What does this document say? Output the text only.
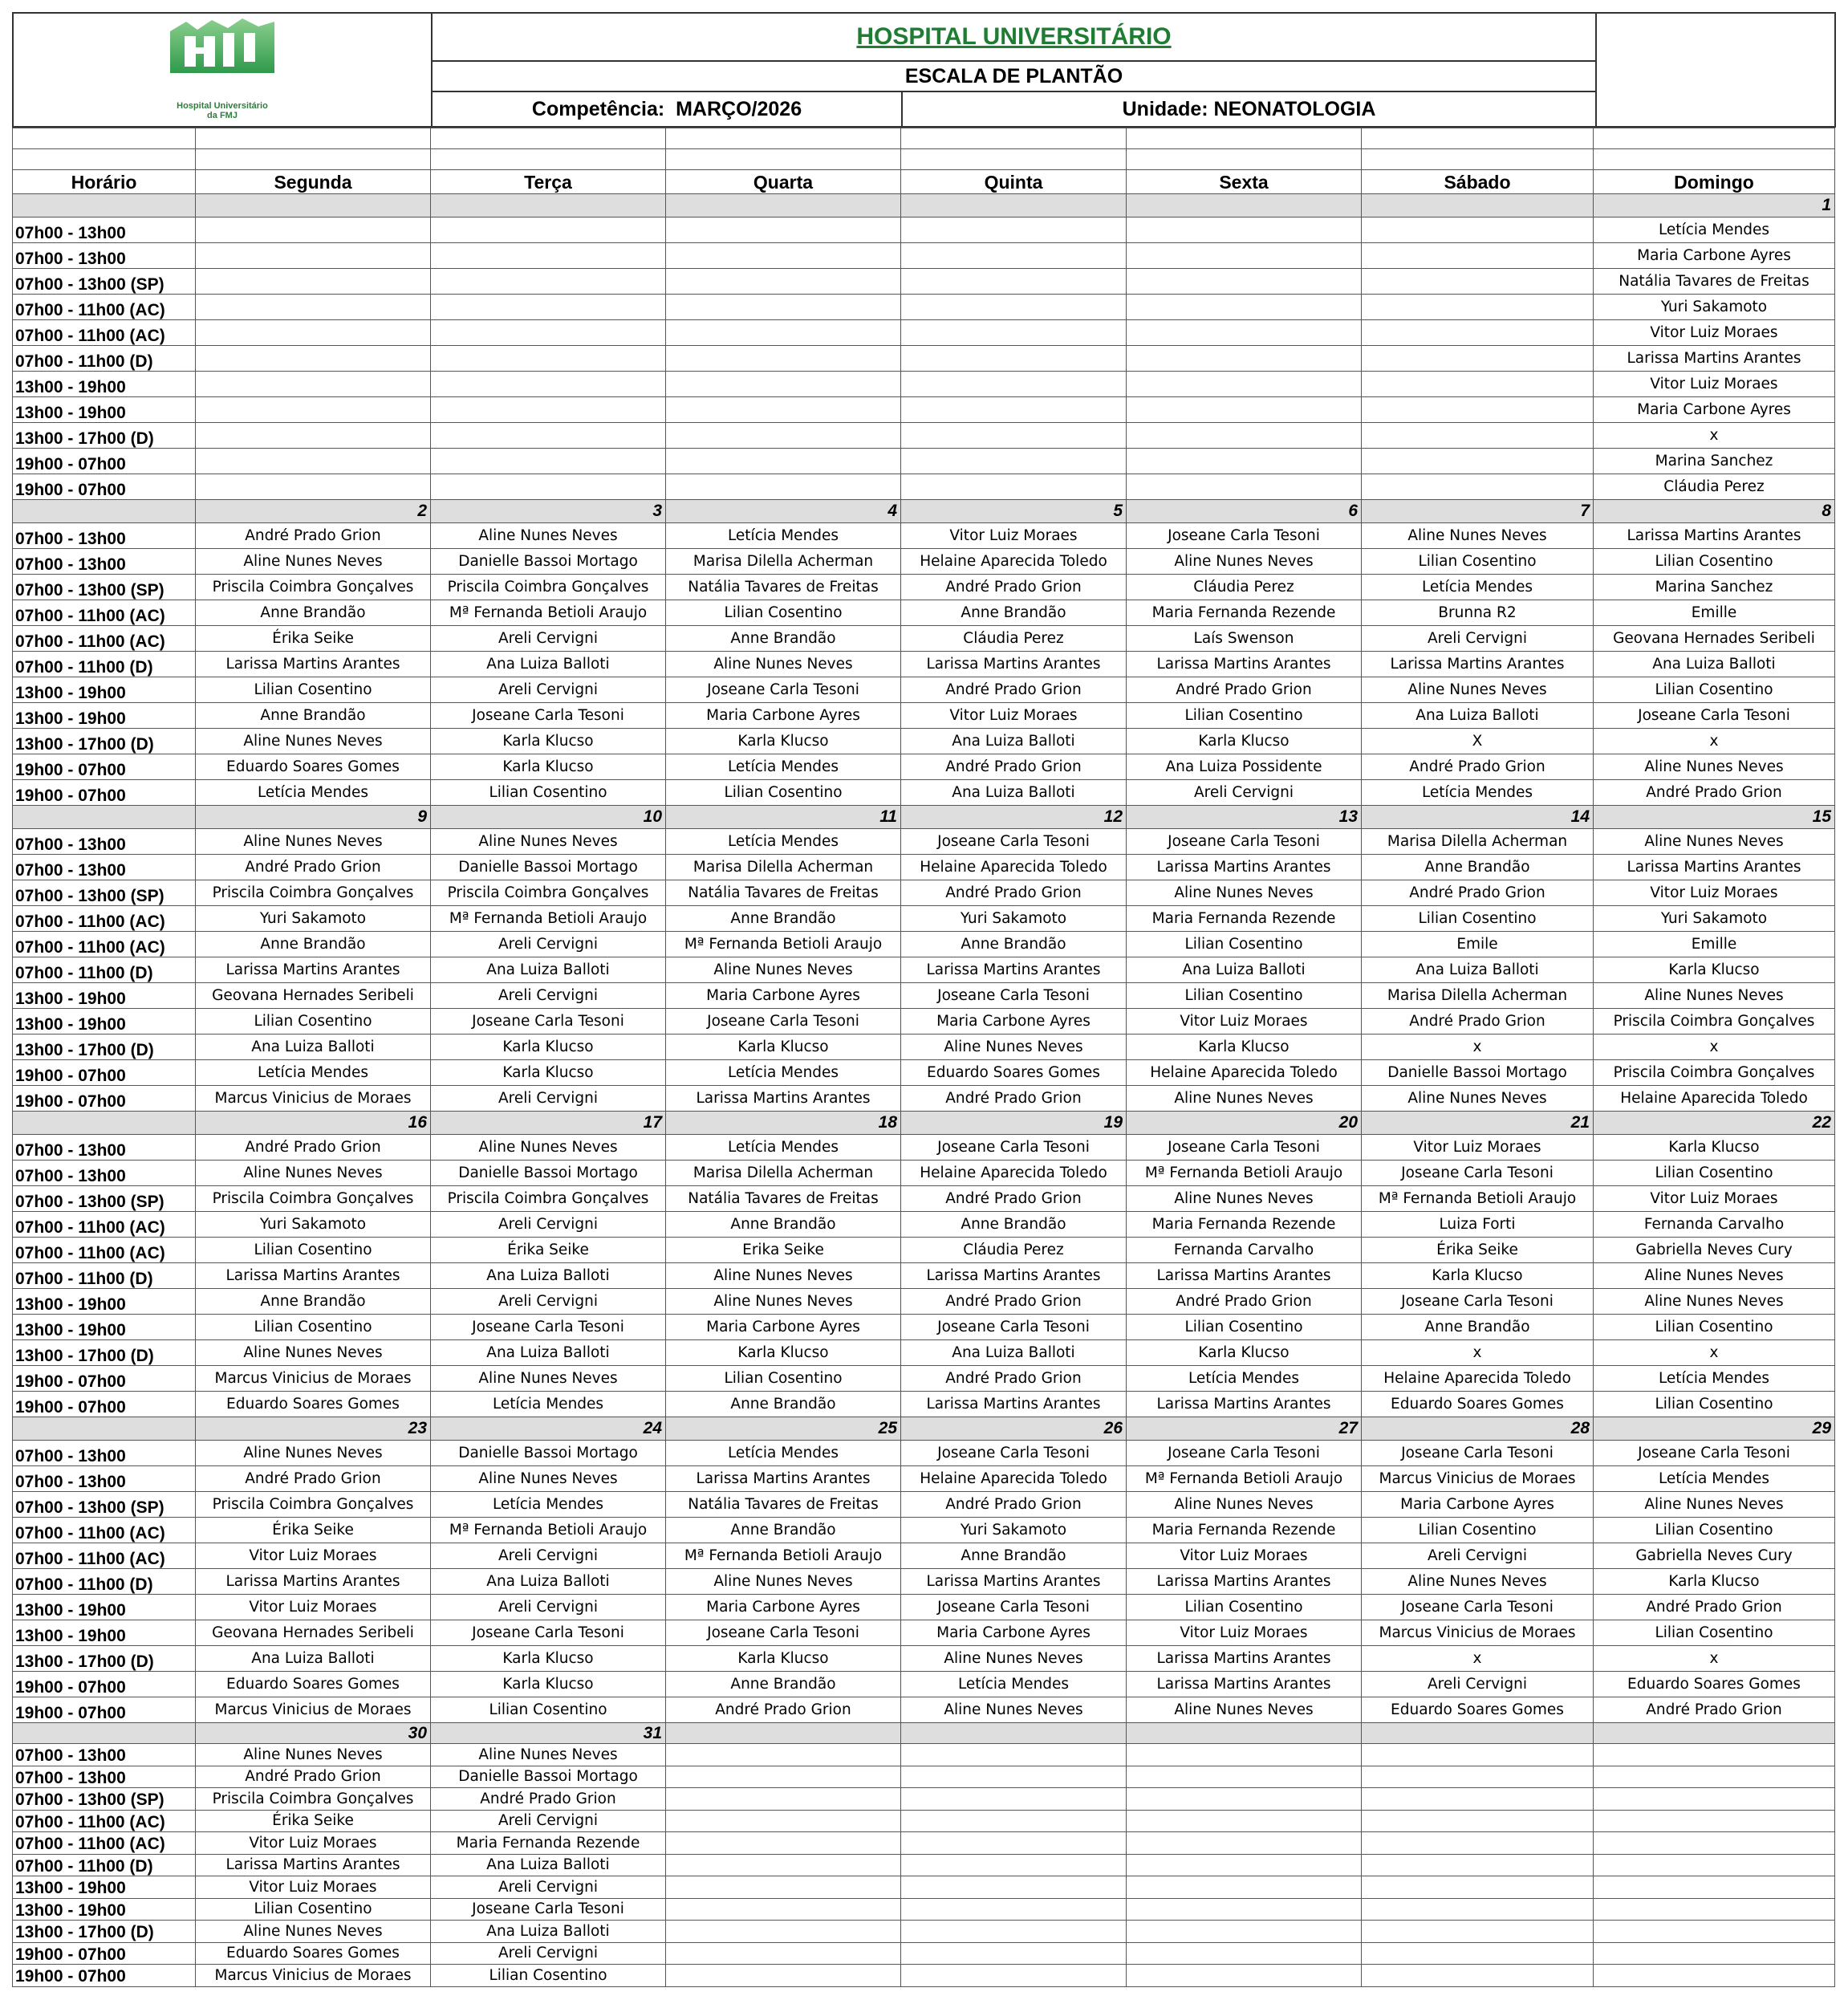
Hospital Universitário
da FMJ	HOSPITAL UNIVERSITÁRIO		
	ESCALA DE PLANTÃO		
	Competência: MARÇO/2026	Unidade: NEONATOLOGIA	

Horário	Segunda	Terça	Quarta	Quinta	Sexta	Sábado	Domingo
							1
07h00 - 13h00							Letícia Mendes
07h00 - 13h00							Maria Carbone Ayres
07h00 - 13h00 (SP)							Natália Tavares de Freitas
07h00 - 11h00 (AC)							Yuri Sakamoto
07h00 - 11h00 (AC)							Vitor Luiz Moraes
07h00 - 11h00 (D)							Larissa Martins Arantes
13h00 - 19h00							Vitor Luiz Moraes
13h00 - 19h00							Maria Carbone Ayres
13h00 - 17h00 (D)							x
19h00 - 07h00							Marina Sanchez
19h00 - 07h00							Cláudia Perez
	2	3	4	5	6	7	8
07h00 - 13h00	André Prado Grion	Aline Nunes Neves	Letícia Mendes	Vitor Luiz Moraes	Joseane Carla Tesoni	Aline Nunes Neves	Larissa Martins Arantes
07h00 - 13h00	Aline Nunes Neves	Danielle Bassoi Mortago	Marisa Dilella Acherman	Helaine Aparecida Toledo	Aline Nunes Neves	Lilian Cosentino	Lilian Cosentino
07h00 - 13h00 (SP)	Priscila Coimbra Gonçalves	Priscila Coimbra Gonçalves	Natália Tavares de Freitas	André Prado Grion	Cláudia Perez	Letícia Mendes	Marina Sanchez
07h00 - 11h00 (AC)	Anne Brandão	Mª Fernanda Betioli Araujo	Lilian Cosentino	Anne Brandão	Maria Fernanda Rezende	Brunna R2	Emille
07h00 - 11h00 (AC)	Érika Seike	Areli Cervigni	Anne Brandão	Cláudia Perez	Laís Swenson	Areli Cervigni	Geovana Hernades Seribeli
07h00 - 11h00 (D)	Larissa Martins Arantes	Ana Luiza Balloti	Aline Nunes Neves	Larissa Martins Arantes	Larissa Martins Arantes	Larissa Martins Arantes	Ana Luiza Balloti
13h00 - 19h00	Lilian Cosentino	Areli Cervigni	Joseane Carla Tesoni	André Prado Grion	André Prado Grion	Aline Nunes Neves	Lilian Cosentino
13h00 - 19h00	Anne Brandão	Joseane Carla Tesoni	Maria Carbone Ayres	Vitor Luiz Moraes	Lilian Cosentino	Ana Luiza Balloti	Joseane Carla Tesoni
13h00 - 17h00 (D)	Aline Nunes Neves	Karla Klucso	Karla Klucso	Ana Luiza Balloti	Karla Klucso	X	x
19h00 - 07h00	Eduardo Soares Gomes	Karla Klucso	Letícia Mendes	André Prado Grion	Ana Luiza Possidente	André Prado Grion	Aline Nunes Neves
19h00 - 07h00	Letícia Mendes	Lilian Cosentino	Lilian Cosentino	Ana Luiza Balloti	Areli Cervigni	Letícia Mendes	André Prado Grion
	9	10	11	12	13	14	15
07h00 - 13h00	Aline Nunes Neves	Aline Nunes Neves	Letícia Mendes	Joseane Carla Tesoni	Joseane Carla Tesoni	Marisa Dilella Acherman	Aline Nunes Neves
07h00 - 13h00	André Prado Grion	Danielle Bassoi Mortago	Marisa Dilella Acherman	Helaine Aparecida Toledo	Larissa Martins Arantes	Anne Brandão	Larissa Martins Arantes
07h00 - 13h00 (SP)	Priscila Coimbra Gonçalves	Priscila Coimbra Gonçalves	Natália Tavares de Freitas	André Prado Grion	Aline Nunes Neves	André Prado Grion	Vitor Luiz Moraes
07h00 - 11h00 (AC)	Yuri Sakamoto	Mª Fernanda Betioli Araujo	Anne Brandão	Yuri Sakamoto	Maria Fernanda Rezende	Lilian Cosentino	Yuri Sakamoto
07h00 - 11h00 (AC)	Anne Brandão	Areli Cervigni	Mª Fernanda Betioli Araujo	Anne Brandão	Lilian Cosentino	Emile	Emille
07h00 - 11h00 (D)	Larissa Martins Arantes	Ana Luiza Balloti	Aline Nunes Neves	Larissa Martins Arantes	Ana Luiza Balloti	Ana Luiza Balloti	Karla Klucso
13h00 - 19h00	Geovana Hernades Seribeli	Areli Cervigni	Maria Carbone Ayres	Joseane Carla Tesoni	Lilian Cosentino	Marisa Dilella Acherman	Aline Nunes Neves
13h00 - 19h00	Lilian Cosentino	Joseane Carla Tesoni	Joseane Carla Tesoni	Maria Carbone Ayres	Vitor Luiz Moraes	André Prado Grion	Priscila Coimbra Gonçalves
13h00 - 17h00 (D)	Ana Luiza Balloti	Karla Klucso	Karla Klucso	Aline Nunes Neves	Karla Klucso	x	x
19h00 - 07h00	Letícia Mendes	Karla Klucso	Letícia Mendes	Eduardo Soares Gomes	Helaine Aparecida Toledo	Danielle Bassoi Mortago	Priscila Coimbra Gonçalves
19h00 - 07h00	Marcus Vinicius de Moraes	Areli Cervigni	Larissa Martins Arantes	André Prado Grion	Aline Nunes Neves	Aline Nunes Neves	Helaine Aparecida Toledo
	16	17	18	19	20	21	22
07h00 - 13h00	André Prado Grion	Aline Nunes Neves	Letícia Mendes	Joseane Carla Tesoni	Joseane Carla Tesoni	Vitor Luiz Moraes	Karla Klucso
07h00 - 13h00	Aline Nunes Neves	Danielle Bassoi Mortago	Marisa Dilella Acherman	Helaine Aparecida Toledo	Mª Fernanda Betioli Araujo	Joseane Carla Tesoni	Lilian Cosentino
07h00 - 13h00 (SP)	Priscila Coimbra Gonçalves	Priscila Coimbra Gonçalves	Natália Tavares de Freitas	André Prado Grion	Aline Nunes Neves	Mª Fernanda Betioli Araujo	Vitor Luiz Moraes
07h00 - 11h00 (AC)	Yuri Sakamoto	Areli Cervigni	Anne Brandão	Anne Brandão	Maria Fernanda Rezende	Luiza Forti	Fernanda Carvalho
07h00 - 11h00 (AC)	Lilian Cosentino	Érika Seike	Erika Seike	Cláudia Perez	Fernanda Carvalho	Érika Seike	Gabriella Neves Cury
07h00 - 11h00 (D)	Larissa Martins Arantes	Ana Luiza Balloti	Aline Nunes Neves	Larissa Martins Arantes	Larissa Martins Arantes	Karla Klucso	Aline Nunes Neves
13h00 - 19h00	Anne Brandão	Areli Cervigni	Aline Nunes Neves	André Prado Grion	André Prado Grion	Joseane Carla Tesoni	Aline Nunes Neves
13h00 - 19h00	Lilian Cosentino	Joseane Carla Tesoni	Maria Carbone Ayres	Joseane Carla Tesoni	Lilian Cosentino	Anne Brandão	Lilian Cosentino
13h00 - 17h00 (D)	Aline Nunes Neves	Ana Luiza Balloti	Karla Klucso	Ana Luiza Balloti	Karla Klucso	x	x
19h00 - 07h00	Marcus Vinicius de Moraes	Aline Nunes Neves	Lilian Cosentino	André Prado Grion	Letícia Mendes	Helaine Aparecida Toledo	Letícia Mendes
19h00 - 07h00	Eduardo Soares Gomes	Letícia Mendes	Anne Brandão	Larissa Martins Arantes	Larissa Martins Arantes	Eduardo Soares Gomes	Lilian Cosentino
	23	24	25	26	27	28	29
07h00 - 13h00	Aline Nunes Neves	Danielle Bassoi Mortago	Letícia Mendes	Joseane Carla Tesoni	Joseane Carla Tesoni	Joseane Carla Tesoni	Joseane Carla Tesoni
07h00 - 13h00	André Prado Grion	Aline Nunes Neves	Larissa Martins Arantes	Helaine Aparecida Toledo	Mª Fernanda Betioli Araujo	Marcus Vinicius de Moraes	Letícia Mendes
07h00 - 13h00 (SP)	Priscila Coimbra Gonçalves	Letícia Mendes	Natália Tavares de Freitas	André Prado Grion	Aline Nunes Neves	Maria Carbone Ayres	Aline Nunes Neves
07h00 - 11h00 (AC)	Érika Seike	Mª Fernanda Betioli Araujo	Anne Brandão	Yuri Sakamoto	Maria Fernanda Rezende	Lilian Cosentino	Lilian Cosentino
07h00 - 11h00 (AC)	Vitor Luiz Moraes	Areli Cervigni	Mª Fernanda Betioli Araujo	Anne Brandão	Vitor Luiz Moraes	Areli Cervigni	Gabriella Neves Cury
07h00 - 11h00 (D)	Larissa Martins Arantes	Ana Luiza Balloti	Aline Nunes Neves	Larissa Martins Arantes	Larissa Martins Arantes	Aline Nunes Neves	Karla Klucso
13h00 - 19h00	Vitor Luiz Moraes	Areli Cervigni	Maria Carbone Ayres	Joseane Carla Tesoni	Lilian Cosentino	Joseane Carla Tesoni	André Prado Grion
13h00 - 19h00	Geovana Hernades Seribeli	Joseane Carla Tesoni	Joseane Carla Tesoni	Maria Carbone Ayres	Vitor Luiz Moraes	Marcus Vinicius de Moraes	Lilian Cosentino
13h00 - 17h00 (D)	Ana Luiza Balloti	Karla Klucso	Karla Klucso	Aline Nunes Neves	Larissa Martins Arantes	x	x
19h00 - 07h00	Eduardo Soares Gomes	Karla Klucso	Anne Brandão	Letícia Mendes	Larissa Martins Arantes	Areli Cervigni	Eduardo Soares Gomes
19h00 - 07h00	Marcus Vinicius de Moraes	Lilian Cosentino	André Prado Grion	Aline Nunes Neves	Aline Nunes Neves	Eduardo Soares Gomes	André Prado Grion
	30	31					
07h00 - 13h00	Aline Nunes Neves	Aline Nunes Neves					
07h00 - 13h00	André Prado Grion	Danielle Bassoi Mortago					
07h00 - 13h00 (SP)	Priscila Coimbra Gonçalves	André Prado Grion					
07h00 - 11h00 (AC)	Érika Seike	Areli Cervigni					
07h00 - 11h00 (AC)	Vitor Luiz Moraes	Maria Fernanda Rezende					
07h00 - 11h00 (D)	Larissa Martins Arantes	Ana Luiza Balloti					
13h00 - 19h00	Vitor Luiz Moraes	Areli Cervigni					
13h00 - 19h00	Lilian Cosentino	Joseane Carla Tesoni					
13h00 - 17h00 (D)	Aline Nunes Neves	Ana Luiza Balloti					
19h00 - 07h00	Eduardo Soares Gomes	Areli Cervigni					
19h00 - 07h00	Marcus Vinicius de Moraes	Lilian Cosentino					
